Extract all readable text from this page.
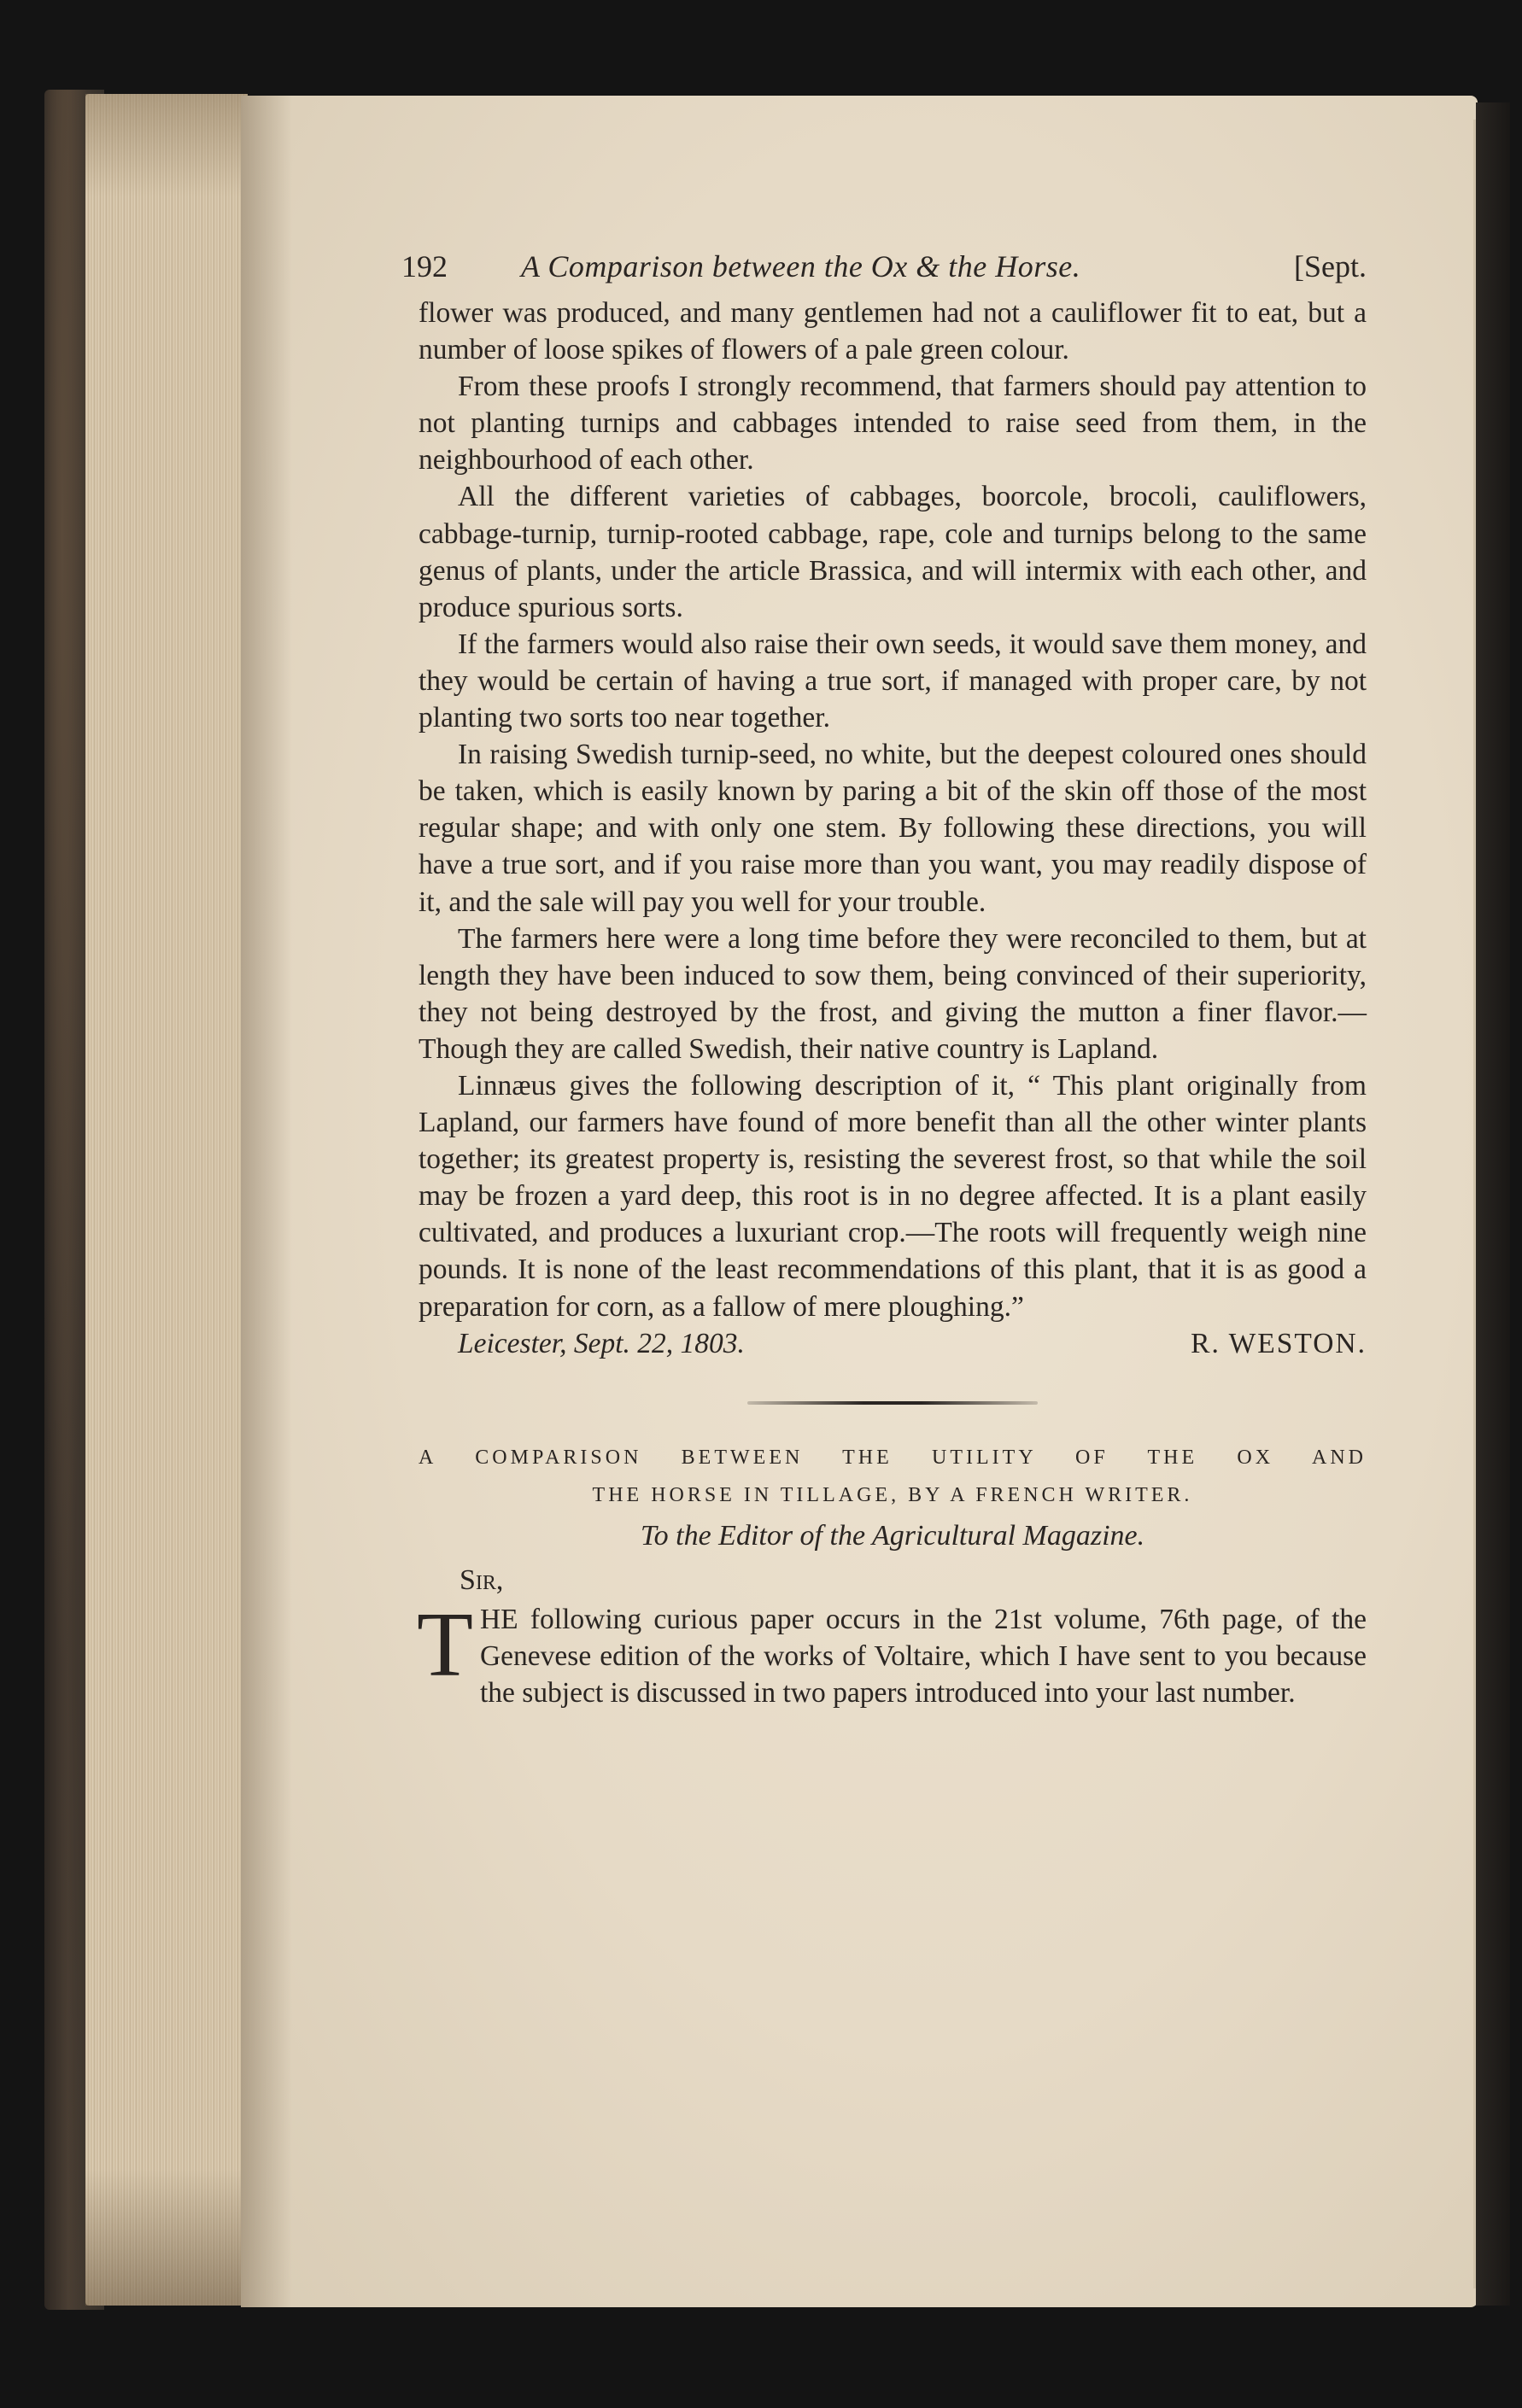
192 A Comparison between the Ox & the Horse.	[Sept.

flower was produced, and many gentlemen had not a cauliflower fit to eat, but a number of loose spikes of flowers of a pale green colour.

From these proofs I strongly recommend, that farmers should pay attention to not planting turnips and cabbages intended to raise seed from them, in the neighbourhood of each other.

All the different varieties of cabbages, boorcole, brocoli, cauliflowers, cabbage-turnip, turnip-rooted cabbage, rape, cole and turnips belong to the same genus of plants, under the article Brassica, and will intermix with each other, and produce spurious sorts.

If the farmers would also raise their own seeds, it would save them money, and they would be certain of having a true sort, if managed with proper care, by not planting two sorts too near together.

In raising Swedish turnip-seed, no white, but the deepest coloured ones should be taken, which is easily known by paring a bit of the skin off those of the most regular shape; and with only one stem. By following these directions, you will have a true sort, and if you raise more than you want, you may readily dispose of it, and the sale will pay you well for your trouble.

The farmers here were a long time before they were reconciled to them, but at length they have been induced to sow them, being convinced of their superiority, they not being destroyed by the frost, and giving the mutton a finer flavor.—Though they are called Swedish, their native country is Lapland.

Linnæus gives the following description of it, “ This plant originally from Lapland, our farmers have found of more benefit than all the other winter plants together; its greatest property is, resisting the severest frost, so that while the soil may be frozen a yard deep, this root is in no degree affected. It is a plant easily cultivated, and produces a luxuriant crop.—The roots will frequently weigh nine pounds. It is none of the least recommendations of this plant, that it is as good a preparation for corn, as a fallow of mere ploughing.”

Leicester, Sept. 22, 1803.	R. WESTON.
A COMPARISON BETWEEN THE UTILITY OF THE OX AND
THE HORSE IN TILLAGE, BY A FRENCH WRITER.
To the Editor of the Agricultural Magazine.
Sir,

T HE following curious paper occurs in the 21st volume, 76th page, of the Genevese edition of the works of Voltaire, which I have sent to you because the subject is discussed in two papers introduced into your last number.
